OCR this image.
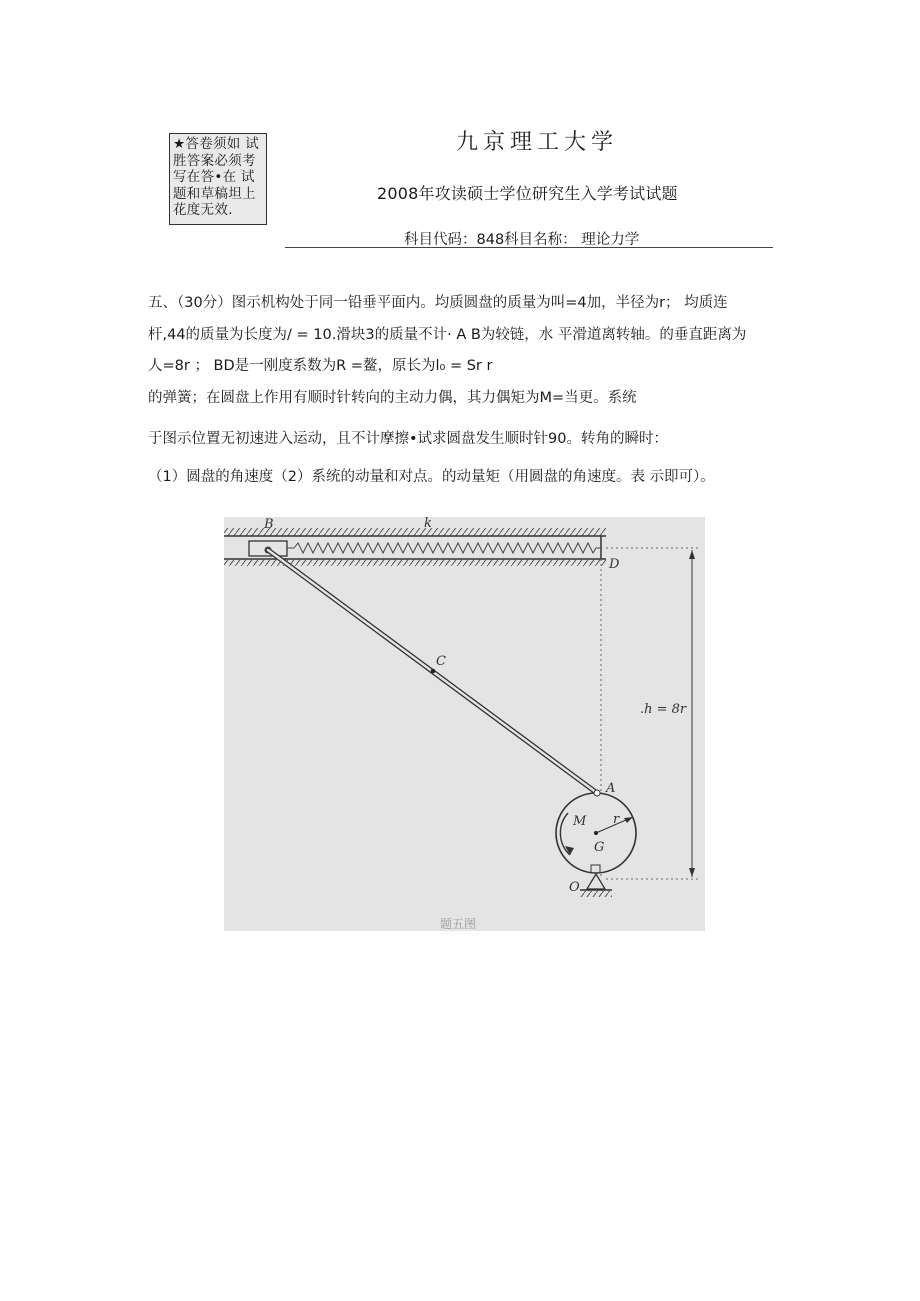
★答卷须如 试
胜答案必须考
写在答•在 试
题和草稿坦上
花度无效.
九京理工大学
2008年攻读硕士学位研究生入学考试试题
科目代码：848科目名称： 理论力学
五、（30分）图示机构处于同一铅垂平面内。均质圆盘的质量为叫=4加，半径为r； 均质连
杆,44的质量为长度为/ = 10.滑块3的质量不计· A B为较链，水 平滑道离转轴。的垂直距离为
人=8r ； BD是一刚度系数为R =鳌，原长为l₀ = Sr r
的弹簧；在圆盘上作用有顺时针转向的主动力偶，其力偶矩为M=当更。系统
于图示位置无初速进入运动，且不计摩擦•试求圆盘发生顺时针90。转角的瞬时：
（1）圆盘的角速度（2）系统的动量和对点。的动量矩（用圆盘的角速度。表 示即可）。
B	k
D
C
.h = 8r
A
M r
G
O
题五图
